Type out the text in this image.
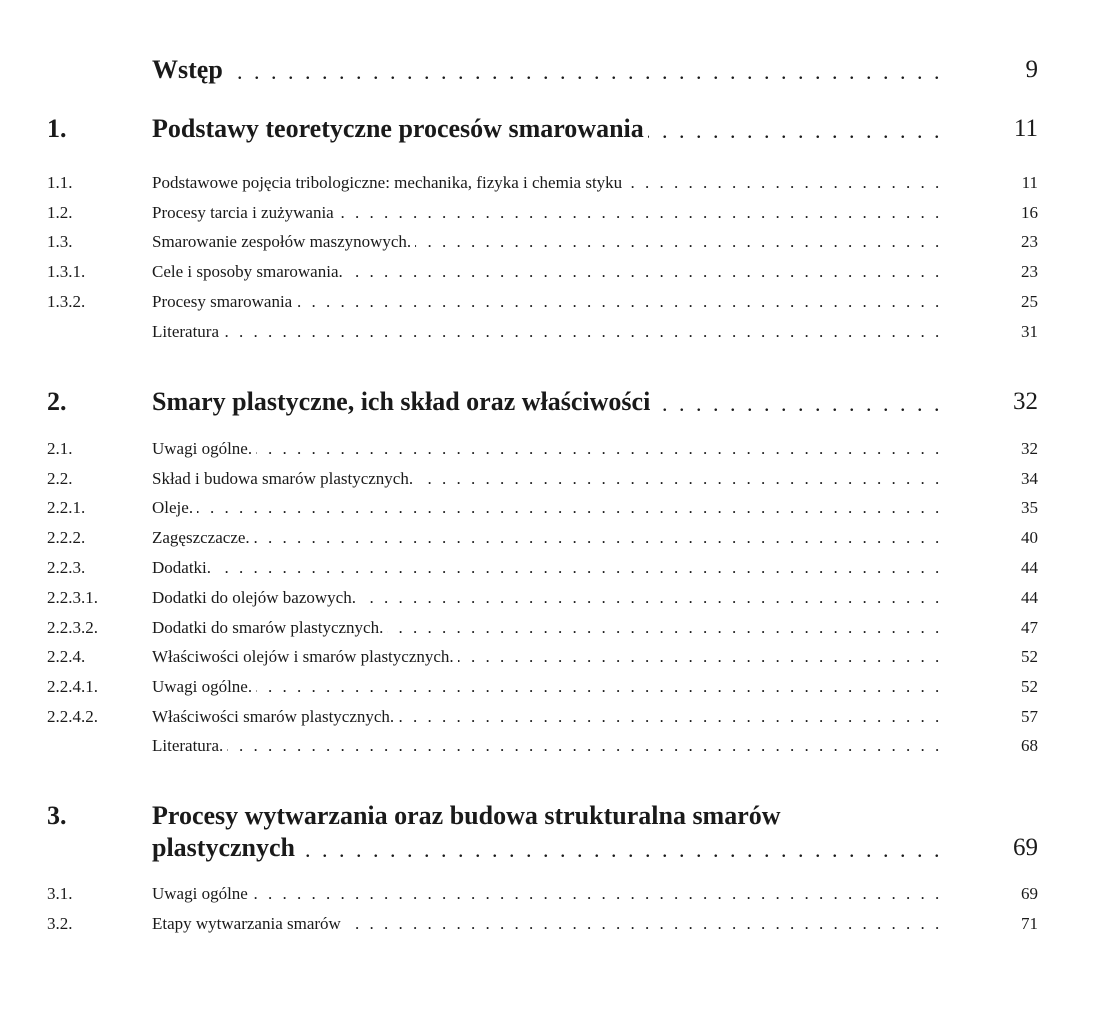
Wstęp . . .	9
1.	Podstawy teoretyczne procesów smarowania . . .	11
1.1.	Podstawowe pojęcia tribologiczne: mechanika, fizyka i chemia styku . . .	11
1.2.	Procesy tarcia i zużywania . . .	16
1.3.	Smarowanie zespołów maszynowych. . . .	23
1.3.1.	Cele i sposoby smarowania. . . .	23
1.3.2.	Procesy smarowania . . .	25
Literatura . . .	31
2.	Smary plastyczne, ich skład oraz właściwości . . .	32
2.1.	Uwagi ogólne. . . .	32
2.2.	Skład i budowa smarów plastycznych. . . .	34
2.2.1.	Oleje. . . .	35
2.2.2.	Zagęszczacze. . . .	40
2.2.3.	Dodatki. . . .	44
2.2.3.1.	Dodatki do olejów bazowych. . . .	44
2.2.3.2.	Dodatki do smarów plastycznych. . . .	47
2.2.4.	Właściwości olejów i smarów plastycznych. . . .	52
2.2.4.1.	Uwagi ogólne. . . .	52
2.2.4.2.	Właściwości smarów plastycznych. . . .	57
Literatura. . . .	68
3.	Procesy wytwarzania oraz budowa strukturalna smarów
plastycznych . . .	69
3.1.	Uwagi ogólne . . .	69
3.2.	Etapy wytwarzania smarów . . .	71
